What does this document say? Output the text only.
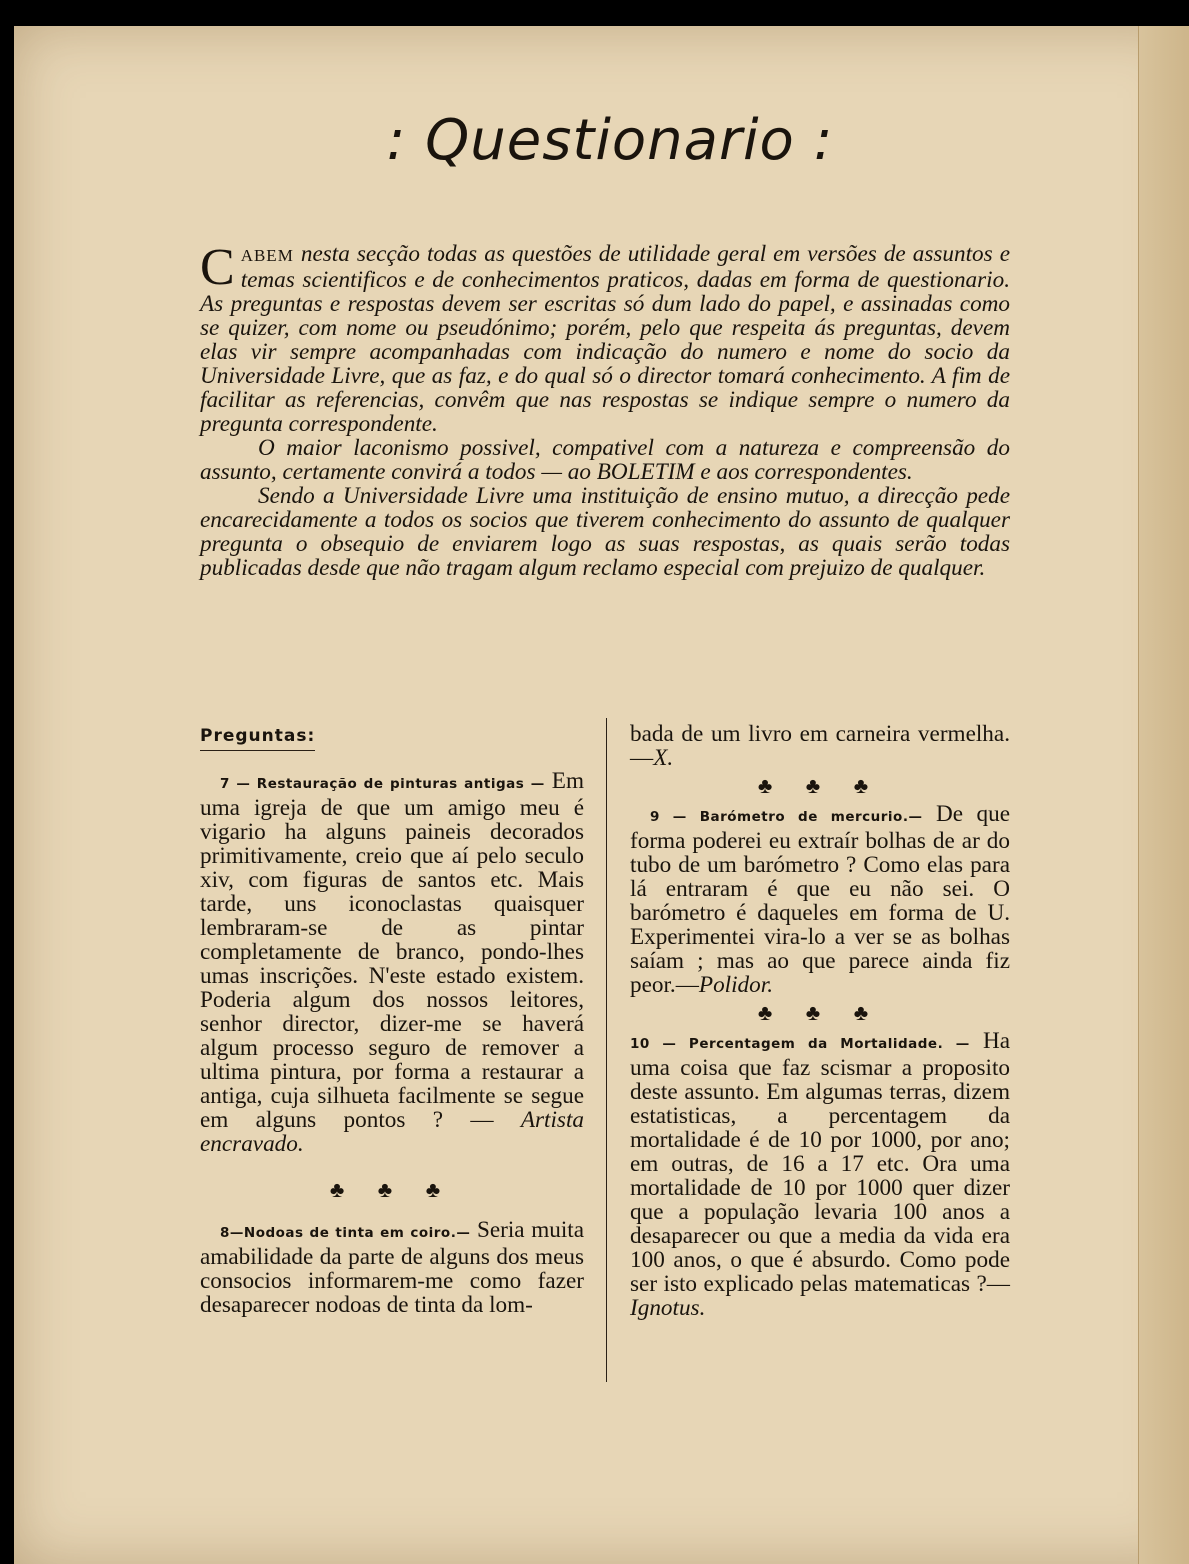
: Questionario :

CABEM nesta secção todas as questões de utilidade geral em versões de assuntos e temas scientificos e de conhecimentos praticos, dadas em forma de questionario. As preguntas e respostas devem ser escritas só dum lado do papel, e assinadas como se quizer, com nome ou pseudónimo; porém, pelo que respeita ás preguntas, devem elas vir sempre acompanhadas com indicação do numero e nome do socio da Universidade Livre, que as faz, e do qual só o director tomará conhecimento. A fim de facilitar as referencias, convêm que nas respostas se indique sempre o numero da pregunta correspondente.

O maior laconismo possivel, compativel com a natureza e compreensão do assunto, certamente convirá a todos — ao BOLETIM e aos correspondentes.

Sendo a Universidade Livre uma instituição de ensino mutuo, a direcção pede encarecidamente a todos os socios que tiverem conhecimento do assunto de qualquer pregunta o obsequio de enviarem logo as suas respostas, as quais serão todas publicadas desde que não tragam algum reclamo especial com prejuizo de qualquer.

Preguntas:

7 — Restauração de pinturas antigas — Em uma igreja de que um amigo meu é vigario ha alguns paineis decorados primitivamente, creio que aí pelo seculo xiv, com figuras de santos etc. Mais tarde, uns iconoclastas quaisquer lembraram-se de as pintar completamente de branco, pondo-lhes umas inscrições. N'este estado existem. Poderia algum dos nossos leitores, senhor director, dizer-me se haverá algum processo seguro de remover a ultima pintura, por forma a restaurar a antiga, cuja silhueta facilmente se segue em alguns pontos ? — Artista encravado.

♣ ♣ ♣

8—Nodoas de tinta em coiro.— Seria muita amabilidade da parte de alguns dos meus consocios informarem-me como fazer desaparecer nodoas de tinta da lom-

bada de um livro em carneira vermelha.—X.

♣ ♣ ♣

9 — Barómetro de mercurio.— De que forma poderei eu extraír bolhas de ar do tubo de um barómetro ? Como elas para lá entraram é que eu não sei. O barómetro é daqueles em forma de U. Experimentei vira-lo a ver se as bolhas saíam ; mas ao que parece ainda fiz peor.—Polidor.

♣ ♣ ♣

10 — Percentagem da Mortalidade. — Ha uma coisa que faz scismar a proposito deste assunto. Em algumas terras, dizem estatisticas, a percentagem da mortalidade é de 10 por 1000, por ano; em outras, de 16 a 17 etc. Ora uma mortalidade de 10 por 1000 quer dizer que a população levaria 100 anos a desaparecer ou que a media da vida era 100 anos, o que é absurdo. Como pode ser isto explicado pelas matematicas ?—Ignotus.
